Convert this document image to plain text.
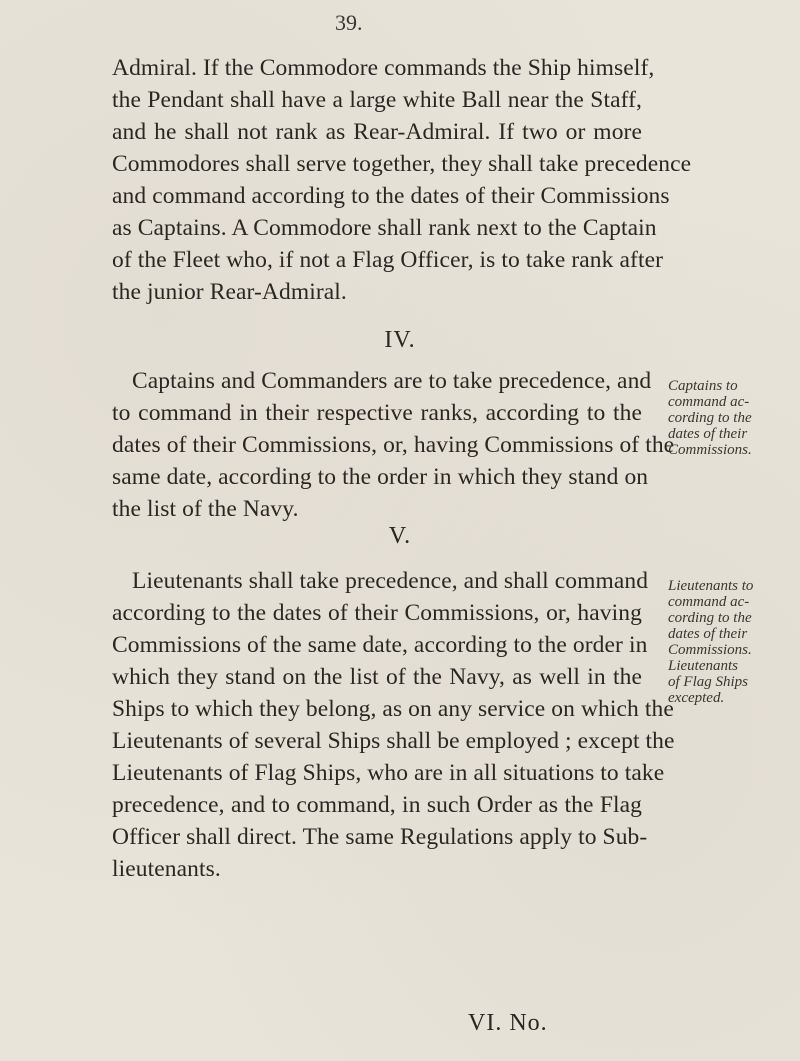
39.
Admiral. If the Commodore commands the Ship himself,
the Pendant shall have a large white Ball near the Staff,
and he shall not rank as Rear-Admiral. If two or more
Commodores shall serve together, they shall take precedence
and command according to the dates of their Commissions
as Captains. A Commodore shall rank next to the Captain
of the Fleet who, if not a Flag Officer, is to take rank after
the junior Rear-Admiral.
IV.
Captains and Commanders are to take precedence, and
to command in their respective ranks, according to the
dates of their Commissions, or, having Commissions of the
same date, according to the order in which they stand on
the list of the Navy.
Captains to
command ac-
cording to the
dates of their
Commissions.
V.
Lieutenants shall take precedence, and shall command
according to the dates of their Commissions, or, having
Commissions of the same date, according to the order in
which they stand on the list of the Navy, as well in the
Ships to which they belong, as on any service on which the
Lieutenants of several Ships shall be employed ; except the
Lieutenants of Flag Ships, who are in all situations to take
precedence, and to command, in such Order as the Flag
Officer shall direct. The same Regulations apply to Sub-
lieutenants.
Lieutenants to
command ac-
cording to the
dates of their
Commissions.
Lieutenants
of Flag Ships
excepted.
VI. No.
